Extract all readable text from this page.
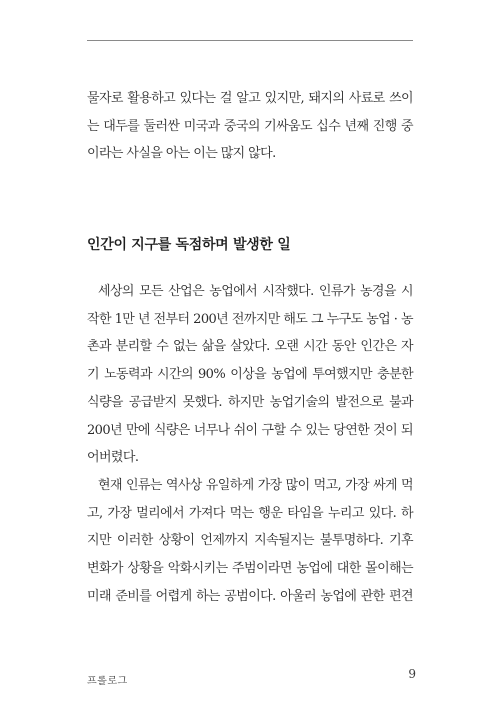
물자로 활용하고 있다는 걸 알고 있지만, 돼지의 사료로 쓰이
는 대두를 둘러싼 미국과 중국의 기싸움도 십수 년째 진행 중
이라는 사실을 아는 이는 많지 않다.

인간이 지구를 독점하며 발생한 일

세상의 모든 산업은 농업에서 시작했다. 인류가 농경을 시
작한 1만 년 전부터 200년 전까지만 해도 그 누구도 농업 · 농
촌과 분리할 수 없는 삶을 살았다. 오랜 시간 동안 인간은 자
기 노동력과 시간의 90% 이상을 농업에 투여했지만 충분한
식량을 공급받지 못했다. 하지만 농업기술의 발전으로 불과
200년 만에 식량은 너무나 쉬이 구할 수 있는 당연한 것이 되
어버렸다.

현재 인류는 역사상 유일하게 가장 많이 먹고, 가장 싸게 먹
고, 가장 멀리에서 가져다 먹는 행운 타임을 누리고 있다. 하
지만 이러한 상황이 언제까지 지속될지는 불투명하다. 기후
변화가 상황을 악화시키는 주범이라면 농업에 대한 몰이해는
미래 준비를 어렵게 하는 공범이다. 아울러 농업에 관한 편견

프롤로그
9
